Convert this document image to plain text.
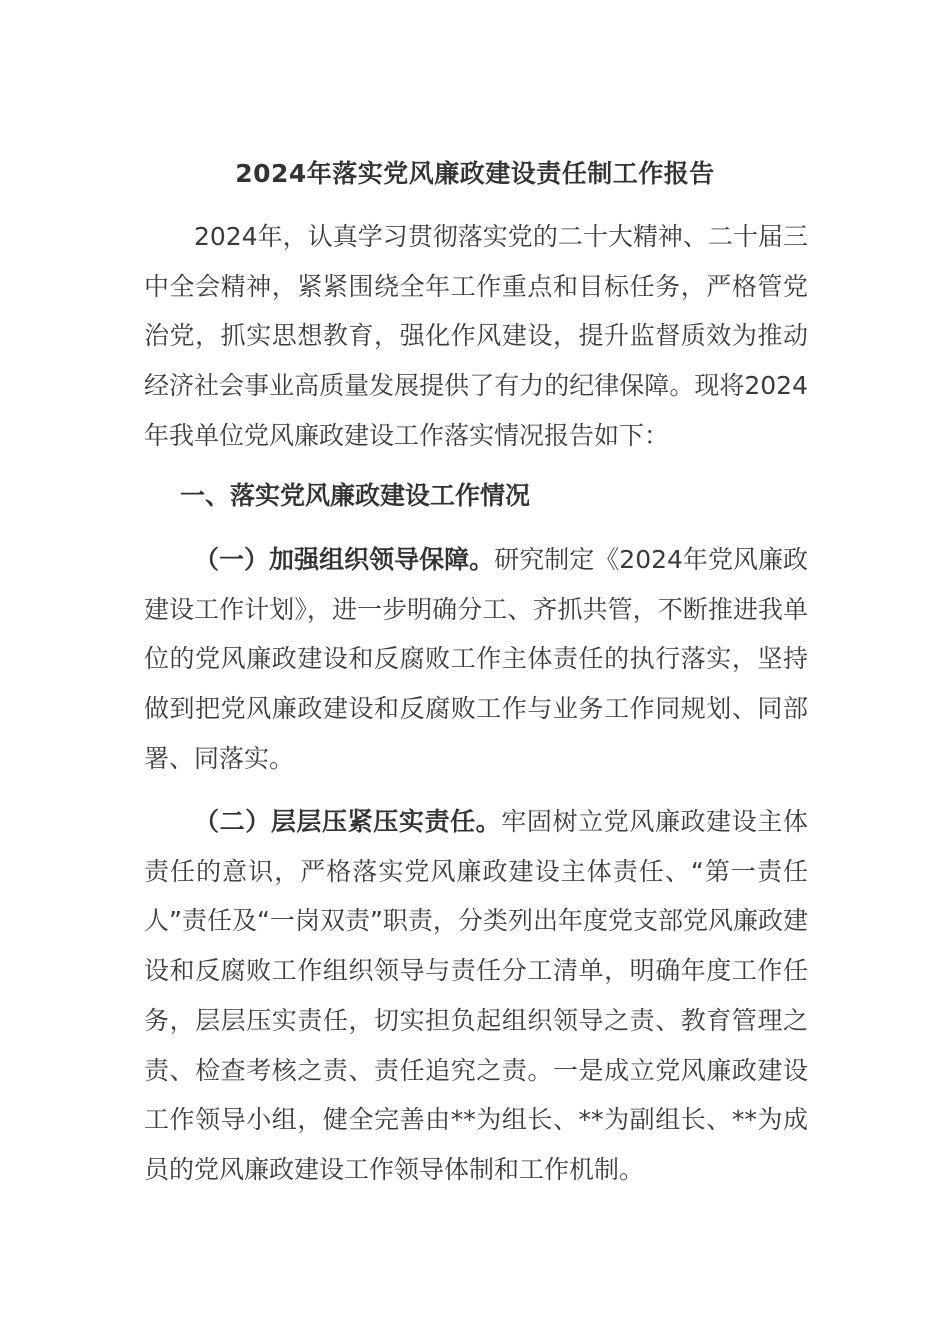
2024年落实党风廉政建设责任制工作报告

2024年，认真学习贯彻落实党的二十大精神、二十届三中全会精神，紧紧围绕全年工作重点和目标任务，严格管党治党，抓实思想教育，强化作风建设，提升监督质效为推动经济社会事业高质量发展提供了有力的纪律保障。现将2024年我单位党风廉政建设工作落实情况报告如下：

一、落实党风廉政建设工作情况

（一）加强组织领导保障。研究制定《2024年党风廉政建设工作计划》，进一步明确分工、齐抓共管，不断推进我单位的党风廉政建设和反腐败工作主体责任的执行落实，坚持做到把党风廉政建设和反腐败工作与业务工作同规划、同部署、同落实。

（二）层层压紧压实责任。牢固树立党风廉政建设主体责任的意识，严格落实党风廉政建设主体责任、“第一责任人”责任及“一岗双责”职责，分类列出年度党支部党风廉政建设和反腐败工作组织领导与责任分工清单，明确年度工作任务，层层压实责任，切实担负起组织领导之责、教育管理之责、检查考核之责、责任追究之责。一是成立党风廉政建设工作领导小组，健全完善由**为组长、**为副组长、**为成员的党风廉政建设工作领导体制和工作机制。
